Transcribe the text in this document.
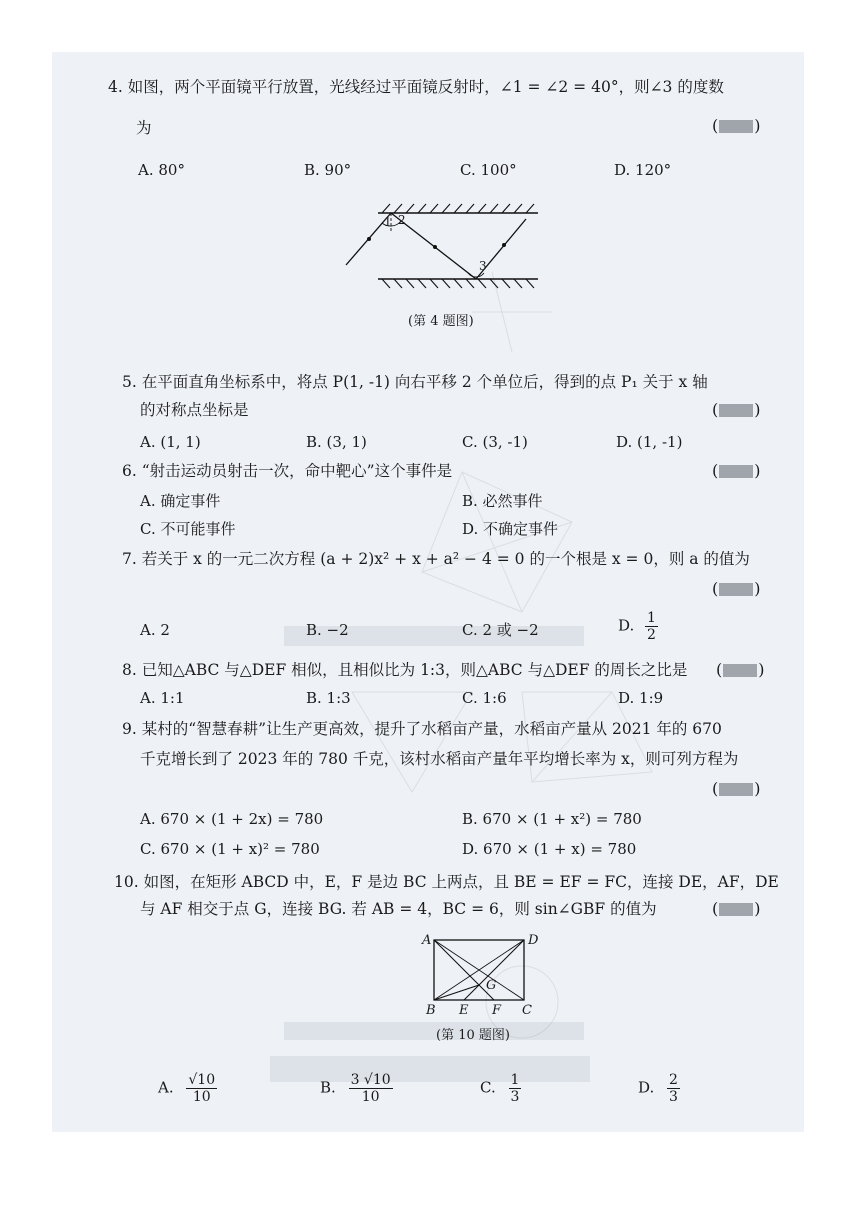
4. 如图，两个平面镜平行放置，光线经过平面镜反射时，∠1 = ∠2 = 40°，则∠3 的度数
为	( )
A. 80°	B. 90°	C. 100°	D. 120°
1 2
3
(第 4 题图)
5. 在平面直角坐标系中，将点 P(1, -1) 向右平移 2 个单位后，得到的点 P₁ 关于 x 轴
的对称点坐标是	( )
A. (1, 1)	B. (3, 1)	C. (3, -1)	D. (1, -1)
6. “射击运动员射击一次，命中靶心”这个事件是	( )
A. 确定事件	B. 必然事件
C. 不可能事件	D. 不确定事件
7. 若关于 x 的一元二次方程 (a + 2)x² + x + a² − 4 = 0 的一个根是 x = 0，则 a 的值为
( )
A. 2	B. −2	C. 2 或 −2	D. $\frac{1}{2}$
8. 已知△ABC 与△DEF 相似，且相似比为 1:3，则△ABC 与△DEF 的周长之比是 ( )
A. 1:1	B. 1:3	C. 1:6	D. 1:9
9. 某村的“智慧春耕”让生产更高效，提升了水稻亩产量，水稻亩产量从 2021 年的 670
千克增长到了 2023 年的 780 千克，该村水稻亩产量年平均增长率为 x，则可列方程为
( )
A. 670 × (1 + 2x) = 780	B. 670 × (1 + x²) = 780
C. 670 × (1 + x)² = 780	D. 670 × (1 + x) = 780
10. 如图，在矩形 ABCD 中，E，F 是边 BC 上两点，且 BE = EF = FC，连接 DE，AF，DE
与 AF 相交于点 G，连接 BG. 若 AB = 4，BC = 6，则 sin∠GBF 的值为	( )
A	D
G
B E F C
(第 10 题图)
A. $\frac{√10}{10}$	B. $\frac{3 √10}{10}$	C. $\frac{1}{3}$	D. $\frac{2}{3}$
